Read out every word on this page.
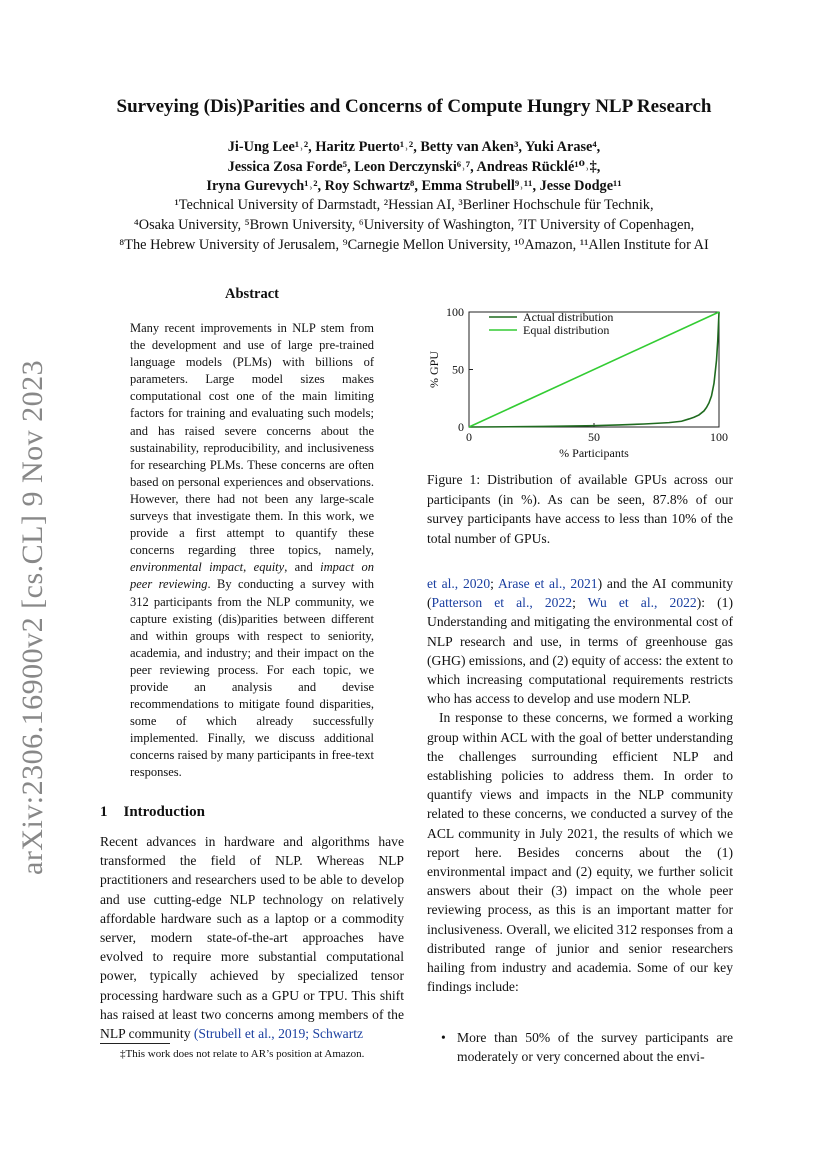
Surveying (Dis)Parities and Concerns of Compute Hungry NLP Research
Ji-Ung Lee¹˒², Haritz Puerto¹˒², Betty van Aken³, Yuki Arase⁴,
Jessica Zosa Forde⁵, Leon Derczynski⁶˒⁷, Andreas Rücklé¹⁰˒‡,
Iryna Gurevych¹˒², Roy Schwartz⁸, Emma Strubell⁹˒¹¹, Jesse Dodge¹¹
¹Technical University of Darmstadt, ²Hessian AI, ³Berliner Hochschule für Technik,
⁴Osaka University, ⁵Brown University, ⁶University of Washington, ⁷IT University of Copenhagen,
⁸The Hebrew University of Jerusalem, ⁹Carnegie Mellon University, ¹⁰Amazon, ¹¹Allen Institute for AI
arXiv:2306.16900v2 [cs.CL] 9 Nov 2023
Abstract
Many recent improvements in NLP stem from the development and use of large pre-trained language models (PLMs) with billions of parameters. Large model sizes makes computational cost one of the main limiting factors for training and evaluating such models; and has raised severe concerns about the sustainability, reproducibility, and inclusiveness for researching PLMs. These concerns are often based on personal experiences and observations. However, there had not been any large-scale surveys that investigate them. In this work, we provide a first attempt to quantify these concerns regarding three topics, namely, environmental impact, equity, and impact on peer reviewing. By conducting a survey with 312 participants from the NLP community, we capture existing (dis)parities between different and within groups with respect to seniority, academia, and industry; and their impact on the peer reviewing process. For each topic, we provide an analysis and devise recommendations to mitigate found disparities, some of which already successfully implemented. Finally, we discuss additional concerns raised by many participants in free-text responses.
1 Introduction
Recent advances in hardware and algorithms have transformed the field of NLP. Whereas NLP practitioners and researchers used to be able to develop and use cutting-edge NLP technology on relatively affordable hardware such as a laptop or a commodity server, modern state-of-the-art approaches have evolved to require more substantial computational power, typically achieved by specialized tensor processing hardware such as a GPU or TPU. This shift has raised at least two concerns among members of the NLP community (Strubell et al., 2019; Schwartz
‡This work does not relate to AR’s position at Amazon.
0	50	100
0
50
100
% Participants
% GPU
Actual distribution
Equal distribution
Figure 1: Distribution of available GPUs across our participants (in %). As can be seen, 87.8% of our survey participants have access to less than 10% of the total number of GPUs.

et al., 2020; Arase et al., 2021) and the AI community (Patterson et al., 2022; Wu et al., 2022): (1) Understanding and mitigating the environmental cost of NLP research and use, in terms of greenhouse gas (GHG) emissions, and (2) equity of access: the extent to which increasing computational requirements restricts who has access to develop and use modern NLP.

In response to these concerns, we formed a working group within ACL with the goal of better understanding the challenges surrounding efficient NLP and establishing policies to address them. In order to quantify views and impacts in the NLP community related to these concerns, we conducted a survey of the ACL community in July 2021, the results of which we report here. Besides concerns about the (1) environmental impact and (2) equity, we further solicit answers about their (3) impact on the whole peer reviewing process, as this is an important matter for inclusiveness. Overall, we elicited 312 responses from a distributed range of junior and senior researchers hailing from industry and academia. Some of our key findings include:

• More than 50% of the survey participants are moderately or very concerned about the envi-
